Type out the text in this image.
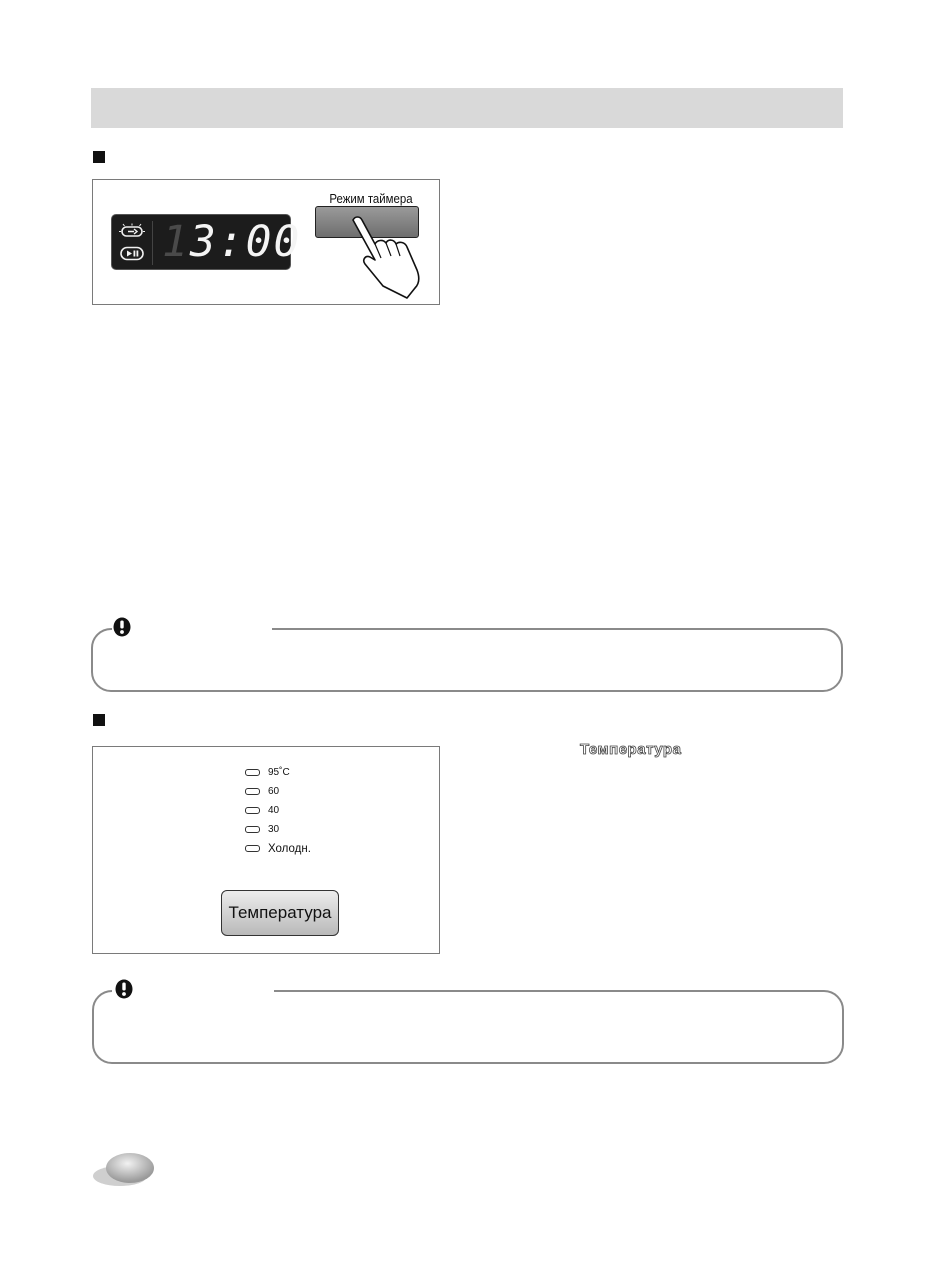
13:00
Режим таймера
95˚C
60
40
30
Холодн.
Температура
Температура
